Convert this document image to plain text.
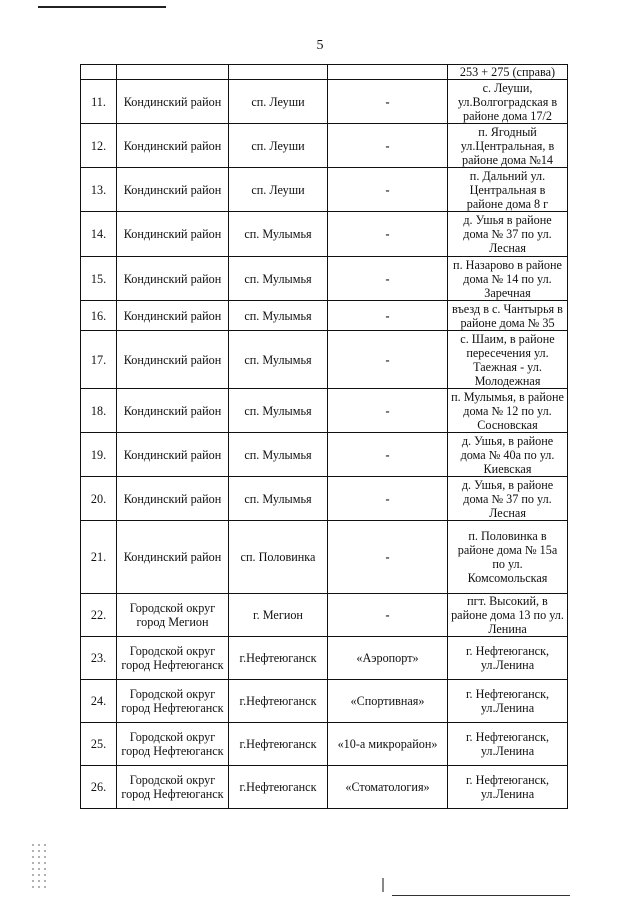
5
				253 + 275 (справа)
11.	Кондинский район	сп. Леуши	-	с. Леуши, ул.Волгоградская в районе дома 17/2
12.	Кондинский район	сп. Леуши	-	п. Ягодный ул.Центральная, в районе дома №14
13.	Кондинский район	сп. Леуши	-	п. Дальний ул. Центральная в районе дома 8 г
14.	Кондинский район	сп. Мулымья	-	д. Ушья в районе дома № 37 по ул. Лесная
15.	Кондинский район	сп. Мулымья	-	п. Назарово в районе дома № 14 по ул. Заречная
16.	Кондинский район	сп. Мулымья	-	въезд в с. Чантырья в районе дома № 35
17.	Кондинский район	сп. Мулымья	-	с. Шаим, в районе пересечения ул. Таежная - ул. Молодежная
18.	Кондинский район	сп. Мулымья	-	п. Мулымья, в районе дома № 12 по ул. Сосновская
19.	Кондинский район	сп. Мулымья	-	д. Ушья, в районе дома № 40а по ул. Киевская
20.	Кондинский район	сп. Мулымья	-	д. Ушья, в районе дома № 37 по ул. Лесная
21.	Кондинский район	сп. Половинка	-	п. Половинка в районе дома № 15а по ул. Комсомольская
22.	Городской округ город Мегион	г. Мегион	-	пгт. Высокий, в районе дома 13 по ул. Ленина
23.	Городской округ город Нефтеюганск	г.Нефтеюганск	«Аэропорт»	г. Нефтеюганск, ул.Ленина
24.	Городской округ город Нефтеюганск	г.Нефтеюганск	«Спортивная»	г. Нефтеюганск, ул.Ленина
25.	Городской округ город Нефтеюганск	г.Нефтеюганск	«10-а микрорайон»	г. Нефтеюганск, ул.Ленина
26.	Городской округ город Нефтеюганск	г.Нефтеюганск	«Стоматология»	г. Нефтеюганск, ул.Ленина
